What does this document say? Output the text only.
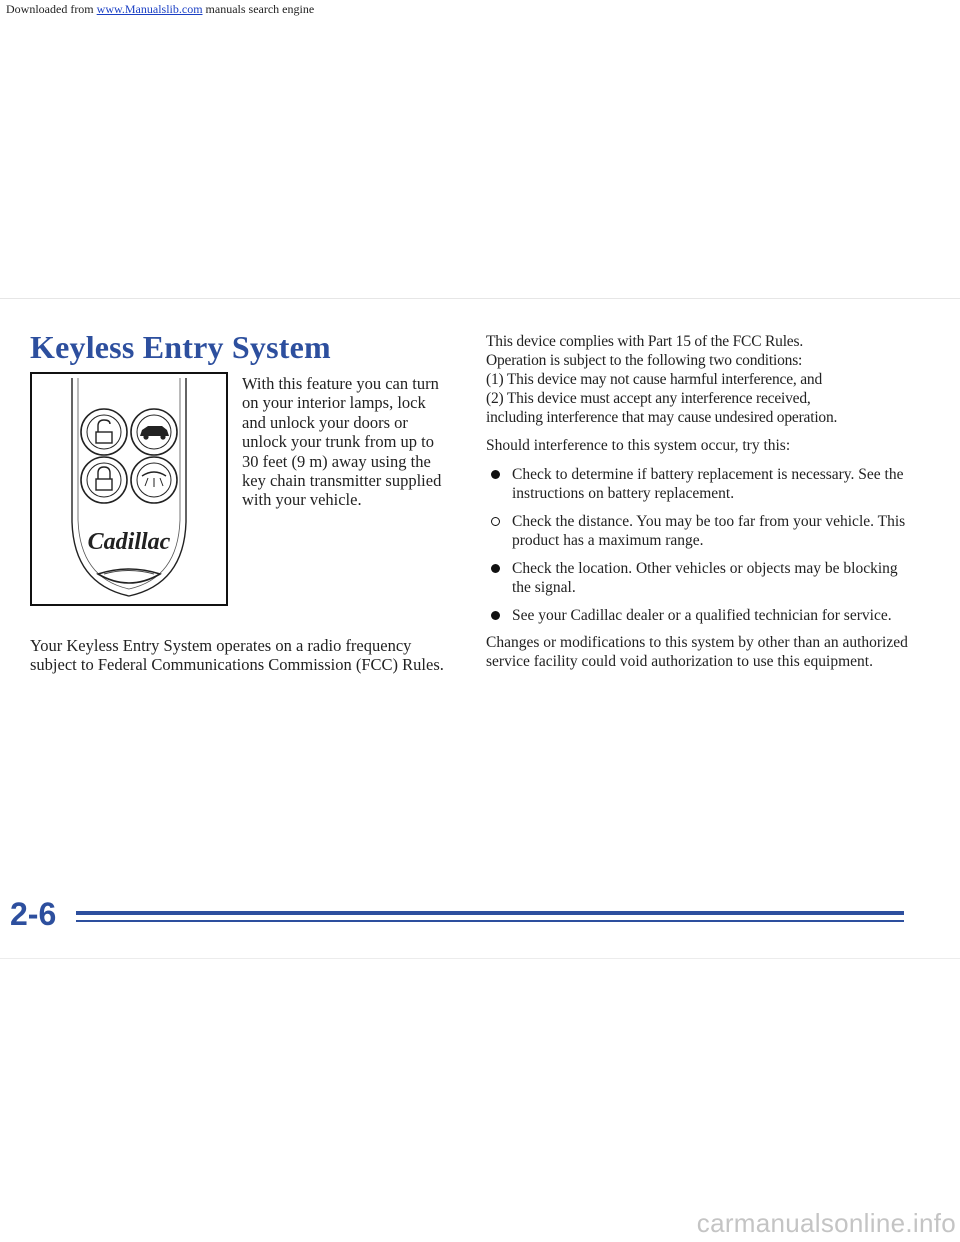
Downloaded from www.Manualslib.com manuals search engine
Keyless Entry System
Cadillac

With this feature you can turn on your interior lamps, lock and unlock your doors or unlock your trunk from up to 30 feet (9 m) away using the key chain transmitter supplied with your vehicle.

Your Keyless Entry System operates on a radio frequency subject to Federal Communications Commission (FCC) Rules.

This device complies with Part 15 of the FCC Rules.
Operation is subject to the following two conditions:
(1) This device may not cause harmful interference, and
(2) This device must accept any interference received,
including interference that may cause undesired operation.

Should interference to this system occur, try this:

Check to determine if battery replacement is necessary. See the instructions on battery replacement.
Check the distance. You may be too far from your vehicle. This product has a maximum range.
Check the location. Other vehicles or objects may be blocking the signal.
See your Cadillac dealer or a qualified technician for service.

Changes or modifications to this system by other than an authorized service facility could void authorization to use this equipment.

2-6
carmanualsonline.info
